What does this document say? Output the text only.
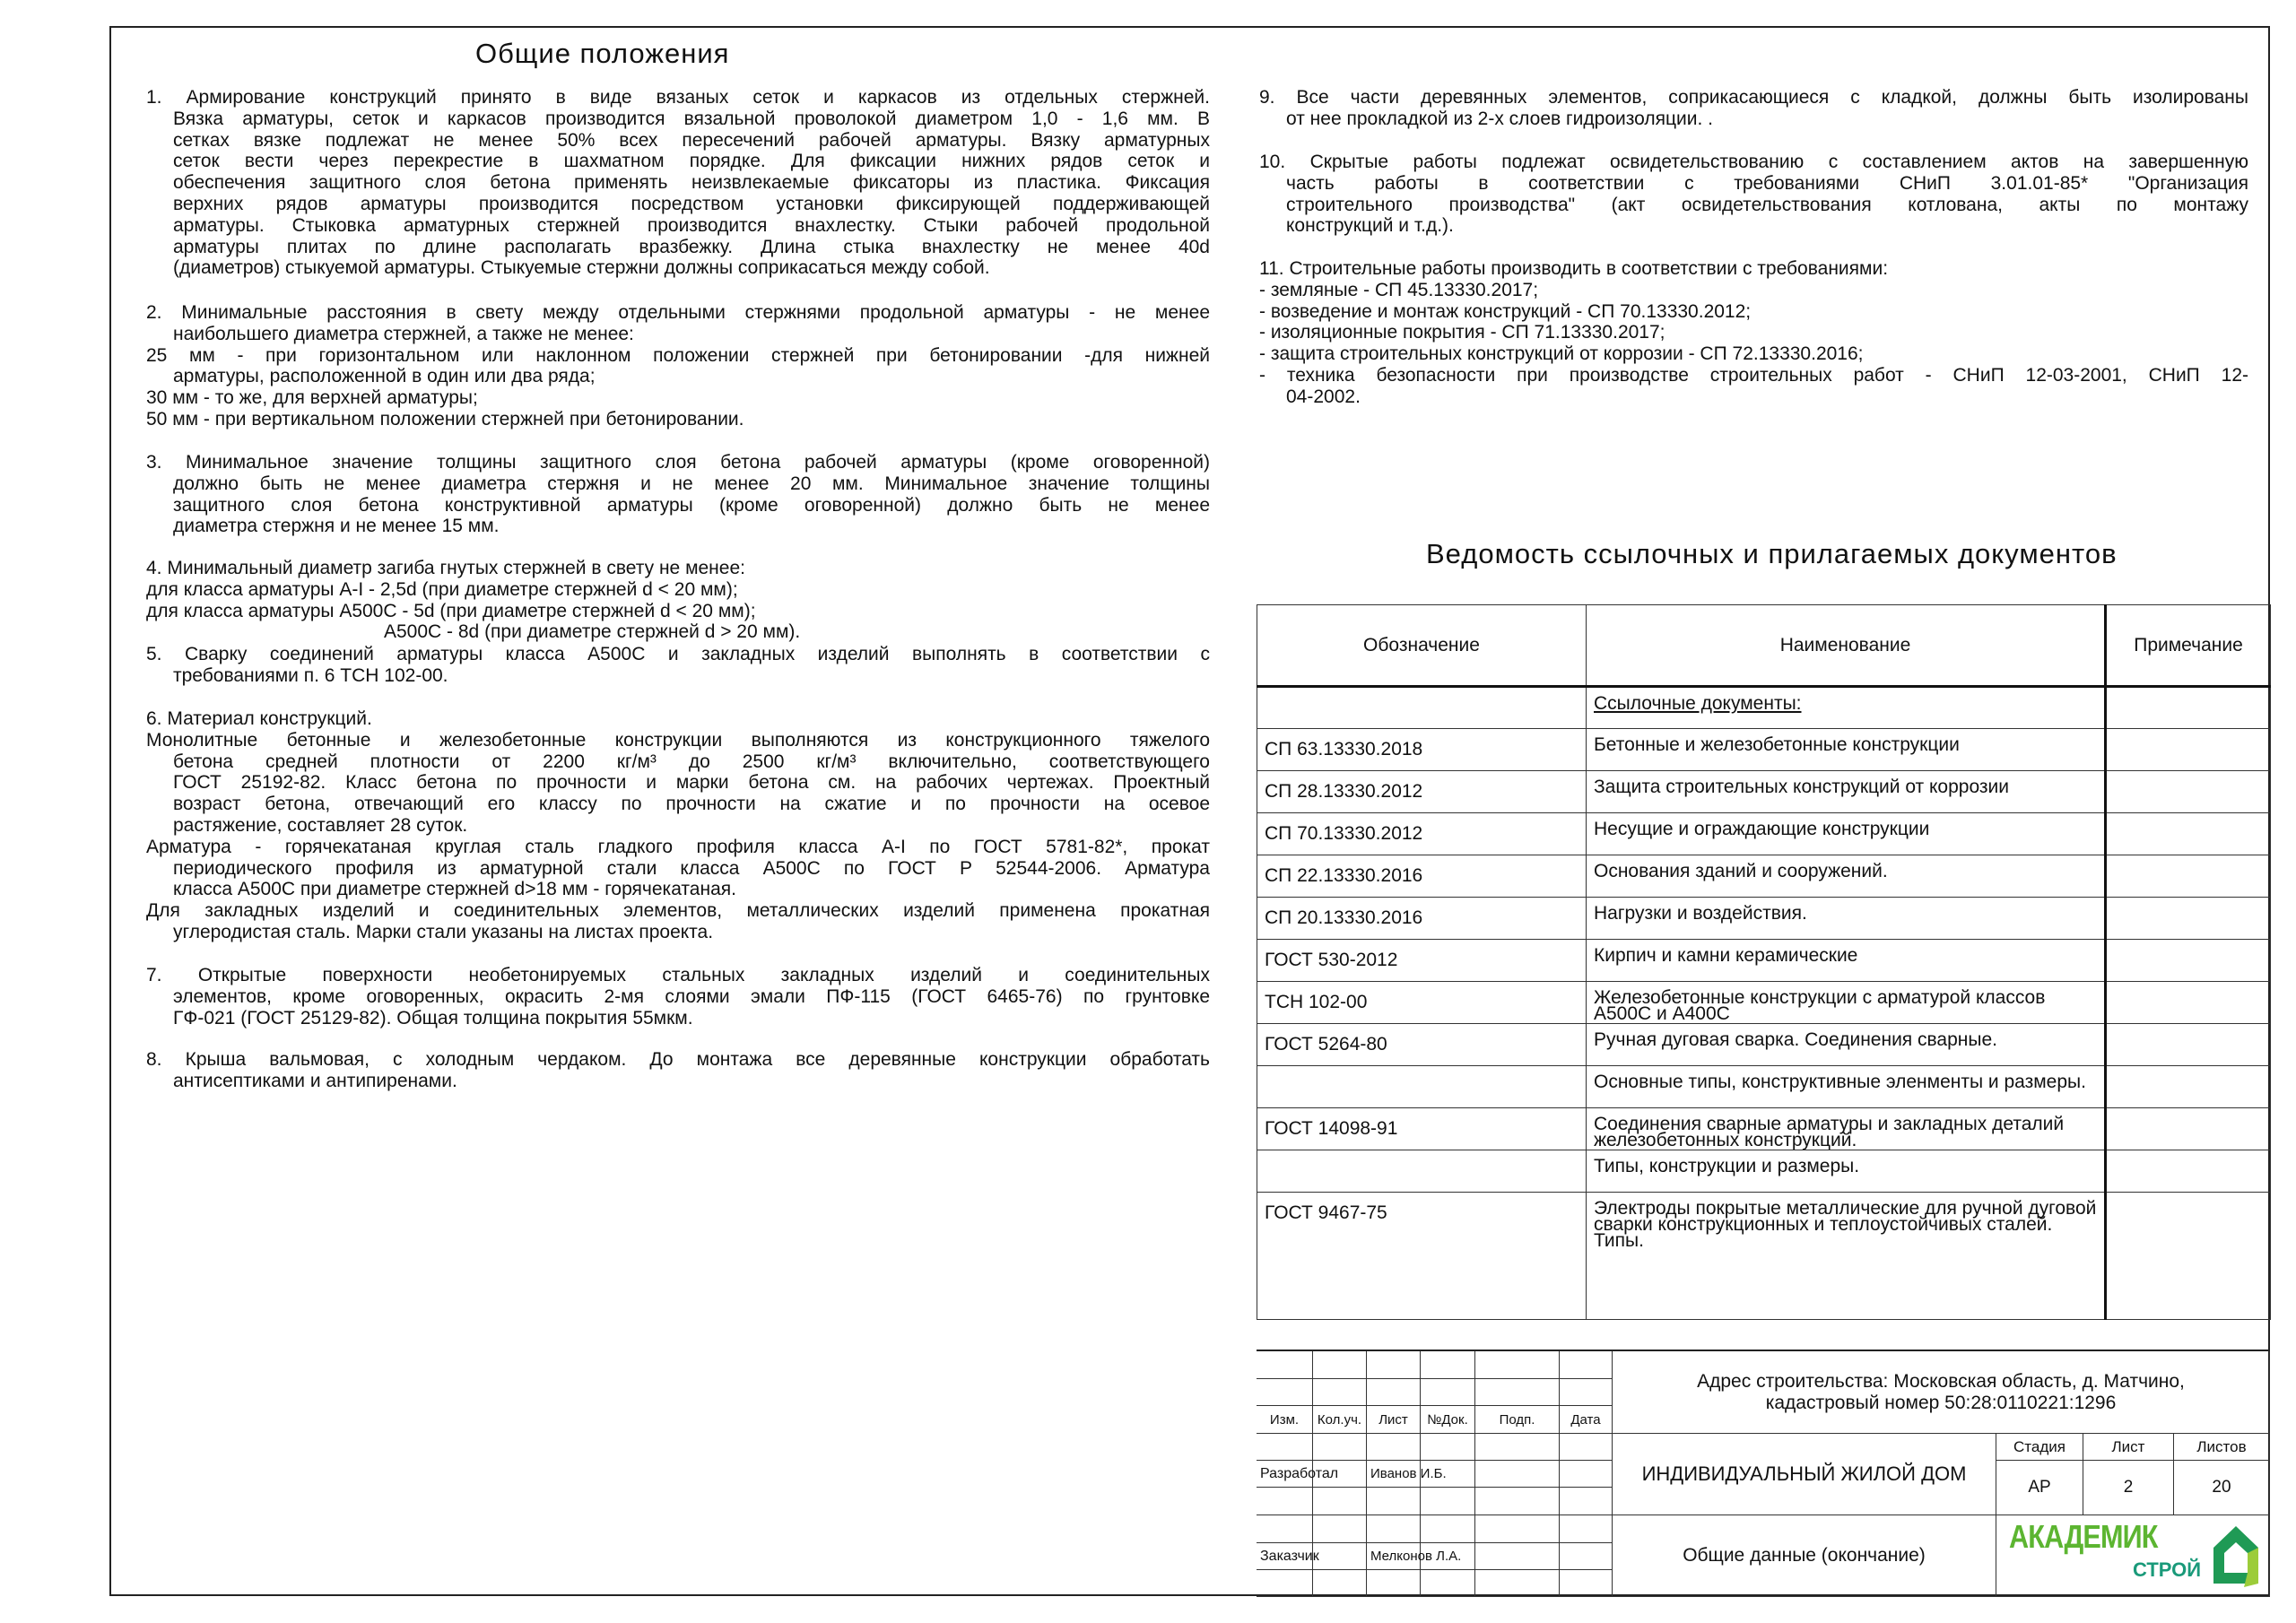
Общие положения
Ведомость ссылочных и прилагаемых документов
1. Армирование конструкций принято в виде вязаных сеток и каркасов из отдельных стержней.
Вязка арматуры, сеток и каркасов производится вязальной проволокой диаметром 1,0 - 1,6 мм. В
сетках вязке подлежат не менее 50% всех пересечений рабочей арматуры. Вязку арматурных
сеток вести через перекрестие в шахматном порядке. Для фиксации нижних рядов сеток и
обеспечения защитного слоя бетона применять неизвлекаемые фиксаторы из пластика. Фиксация
верхних рядов арматуры производится посредством установки фиксирующей поддерживающей
арматуры. Стыковка арматурных стержней производится внахлестку. Стыки рабочей продольной
арматуры плитах по длине располагать вразбежку. Длина стыка внахлестку не менее 40d
(диаметров) стыкуемой арматуры. Стыкуемые стержни должны соприкасаться между собой.
2. Минимальные расстояния в свету между отдельными стержнями продольной арматуры - не менее
наибольшего диаметра стержней, а также не менее:
25 мм - при горизонтальном или наклонном положении стержней при бетонировании -для нижней
арматуры, расположенной в один или два ряда;
30 мм - то же, для верхней арматуры;
50 мм - при вертикальном положении стержней при бетонировании.
3. Минимальное значение толщины защитного слоя бетона рабочей арматуры (кроме оговоренной)
должно быть не менее диаметра стержня и не менее 20 мм. Минимальное значение толщины
защитного слоя бетона конструктивной арматуры (кроме оговоренной) должно быть не менее
диаметра стержня и не менее 15 мм.
4. Минимальный диаметр загиба гнутых стержней в свету не менее:
для класса арматуры А-I - 2,5d (при диаметре стержней d < 20 мм);
для класса арматуры А500С - 5d (при диаметре стержней d < 20 мм);
А500С - 8d (при диаметре стержней d > 20 мм).
5. Сварку соединений арматуры класса А500С и закладных изделий выполнять в соответствии с
требованиями п. 6 ТСН 102-00.
6. Материал конструкций.
Монолитные бетонные и железобетонные конструкции выполняются из конструкционного тяжелого
бетона средней плотности от 2200 кг/м³ до 2500 кг/м³ включительно, соответствующего
ГОСТ 25192-82. Класс бетона по прочности и марки бетона см. на рабочих чертежах. Проектный
возраст бетона, отвечающий его классу по прочности на сжатие и по прочности на осевое
растяжение, составляет 28 суток.
Арматура - горячекатаная круглая сталь гладкого профиля класса А-I по ГОСТ 5781-82*, прокат
периодического профиля из арматурной стали класса А500С по ГОСТ Р 52544-2006. Арматура
класса А500С при диаметре стержней d>18 мм - горячекатаная.
Для закладных изделий и соединительных элементов, металлических изделий применена прокатная
углеродистая сталь. Марки стали указаны на листах проекта.
7. Открытые поверхности необетонируемых стальных закладных изделий и соединительных
элементов, кроме оговоренных, окрасить 2-мя слоями эмали ПФ-115 (ГОСТ 6465-76) по грунтовке
ГФ-021 (ГОСТ 25129-82). Общая толщина покрытия 55мкм.
8. Крыша вальмовая, с холодным чердаком. До монтажа все деревянные конструкции обработать
антисептиками и антипиренами.
9. Все части деревянных элементов, соприкасающиеся с кладкой, должны быть изолированы
от нее прокладкой из 2-х слоев гидроизоляции. .
10. Скрытые работы подлежат освидетельствованию с составлением актов на завершенную
часть работы в соответствии с требованиями СНиП 3.01.01-85* "Организация
строительного производства" (акт освидетельствования котлована, акты по монтажу
конструкций и т.д.).
11. Строительные работы производить в соответствии с требованиями:
- земляные - СП 45.13330.2017;
- возведение и монтаж конструкций - СП 70.13330.2012;
- изоляционные покрытия - СП 71.13330.2017;
- защита строительных конструкций от коррозии - СП 72.13330.2016;
- техника безопасности при производстве строительных работ - СНиП 12-03-2001, СНиП 12-
04-2002.
Обозначение	Наименование	Примечание
	Ссылочные документы:	
СП 63.13330.2018	Бетонные и железобетонные конструкции	
СП 28.13330.2012	Защита строительных конструкций от коррозии	
СП 70.13330.2012	Несущие и ограждающие конструкции	
СП 22.13330.2016	Основания зданий и сооружений.	
СП 20.13330.2016	Нагрузки и воздействия.	
ГОСТ 530-2012	Кирпич и камни керамические	
ТСН 102-00	Железобетонные конструкции с арматурой классов А500С и А400С	
ГОСТ 5264-80	Ручная дуговая сварка. Соединения сварные.	
	Основные типы, конструктивные эленменты и размеры.	
ГОСТ 14098-91	Соединения сварные арматуры и закладных деталий железобетонных конструкций.	
	Типы, конструкции и размеры.	
ГОСТ 9467-75	Электроды покрытые металлические для ручной дуговой сварки конструкционных и теплоустойчивых сталей. Типы.	
Изм.	Кол.уч.	Лист	№Док.	Подп.	Дата
Разработал	Иванов И.Б.
Заказчик	Мелконов Л.А.
Адрес строительства: Московская область, д. Матчино, кадастровый номер 50:28:0110221:1296
ИНДИВИДУАЛЬНЫЙ ЖИЛОЙ ДОМ
Стадия	Лист	Листов
АР	2	20
Общие данные (окончание)
АКАДЕМИК
СТРОЙ
